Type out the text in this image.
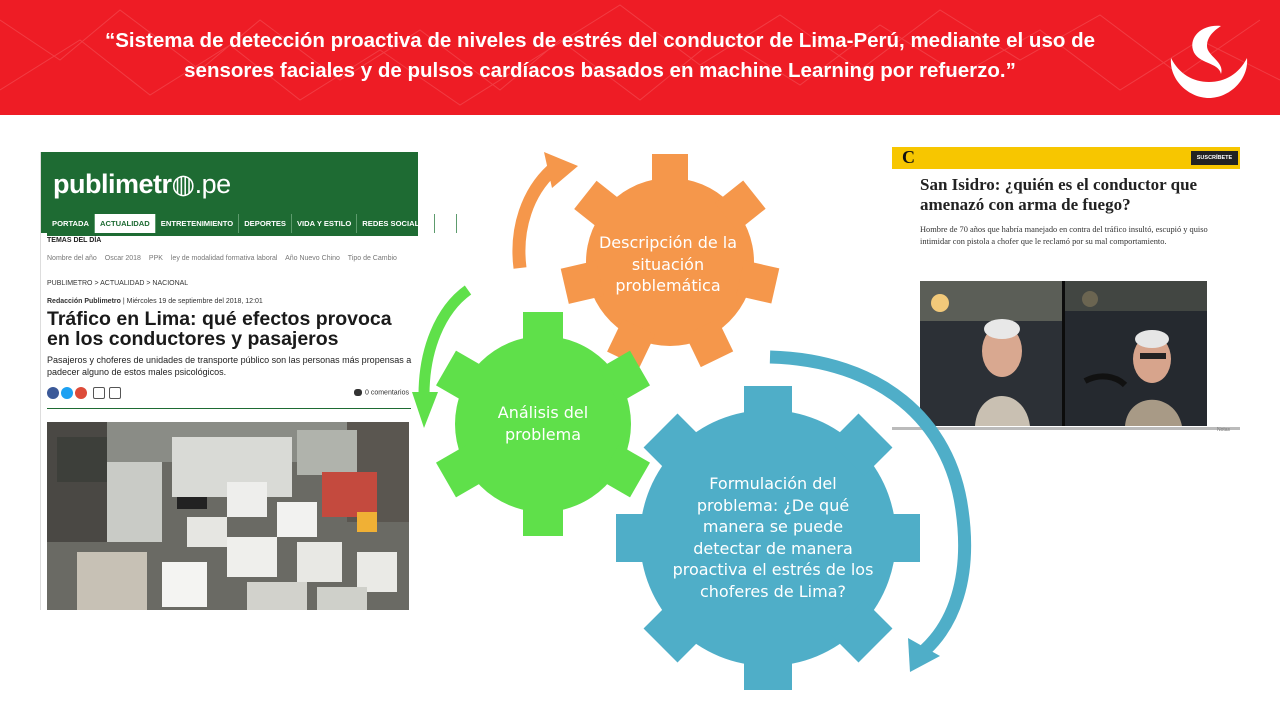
“Sistema de detección proactiva de niveles de estrés del conductor de Lima-Perú, mediante el uso de
sensores faciales y de pulsos cardíacos basados en machine Learning por refuerzo.”
publimetr◍.pe
PORTADA	ACTUALIDAD	ENTRETENIMIENTO	DEPORTES	VIDA Y ESTILO	REDES SOCIALES	BL
TEMAS DEL DÍA
Nombre del año Oscar 2018 PPK ley de modalidad formativa laboral Año Nuevo Chino Tipo de Cambio
PUBLIMETRO > ACTUALIDAD > NACIONAL
Redacción Publimetro | Miércoles 19 de septiembre del 2018, 12:01
Tráfico en Lima: qué efectos provoca en los conductores y pasajeros
Pasajeros y choferes de unidades de transporte público son las personas más propensas a padecer alguno de estos males psicológicos.
0 comentarios
C	SUSCRÍBETE
San Isidro: ¿quién es el conductor que amenazó con arma de fuego?
Hombre de 70 años que habría manejado en contra del tráfico insultó, escupió y quiso intimidar con pistola a chofer que le reclamó por su mal comportamiento.
Notas
Descripción de la situación problemática
Análisis del problema
Formulación del problema: ¿De qué manera se puede detectar de manera proactiva el estrés de los choferes de Lima?
